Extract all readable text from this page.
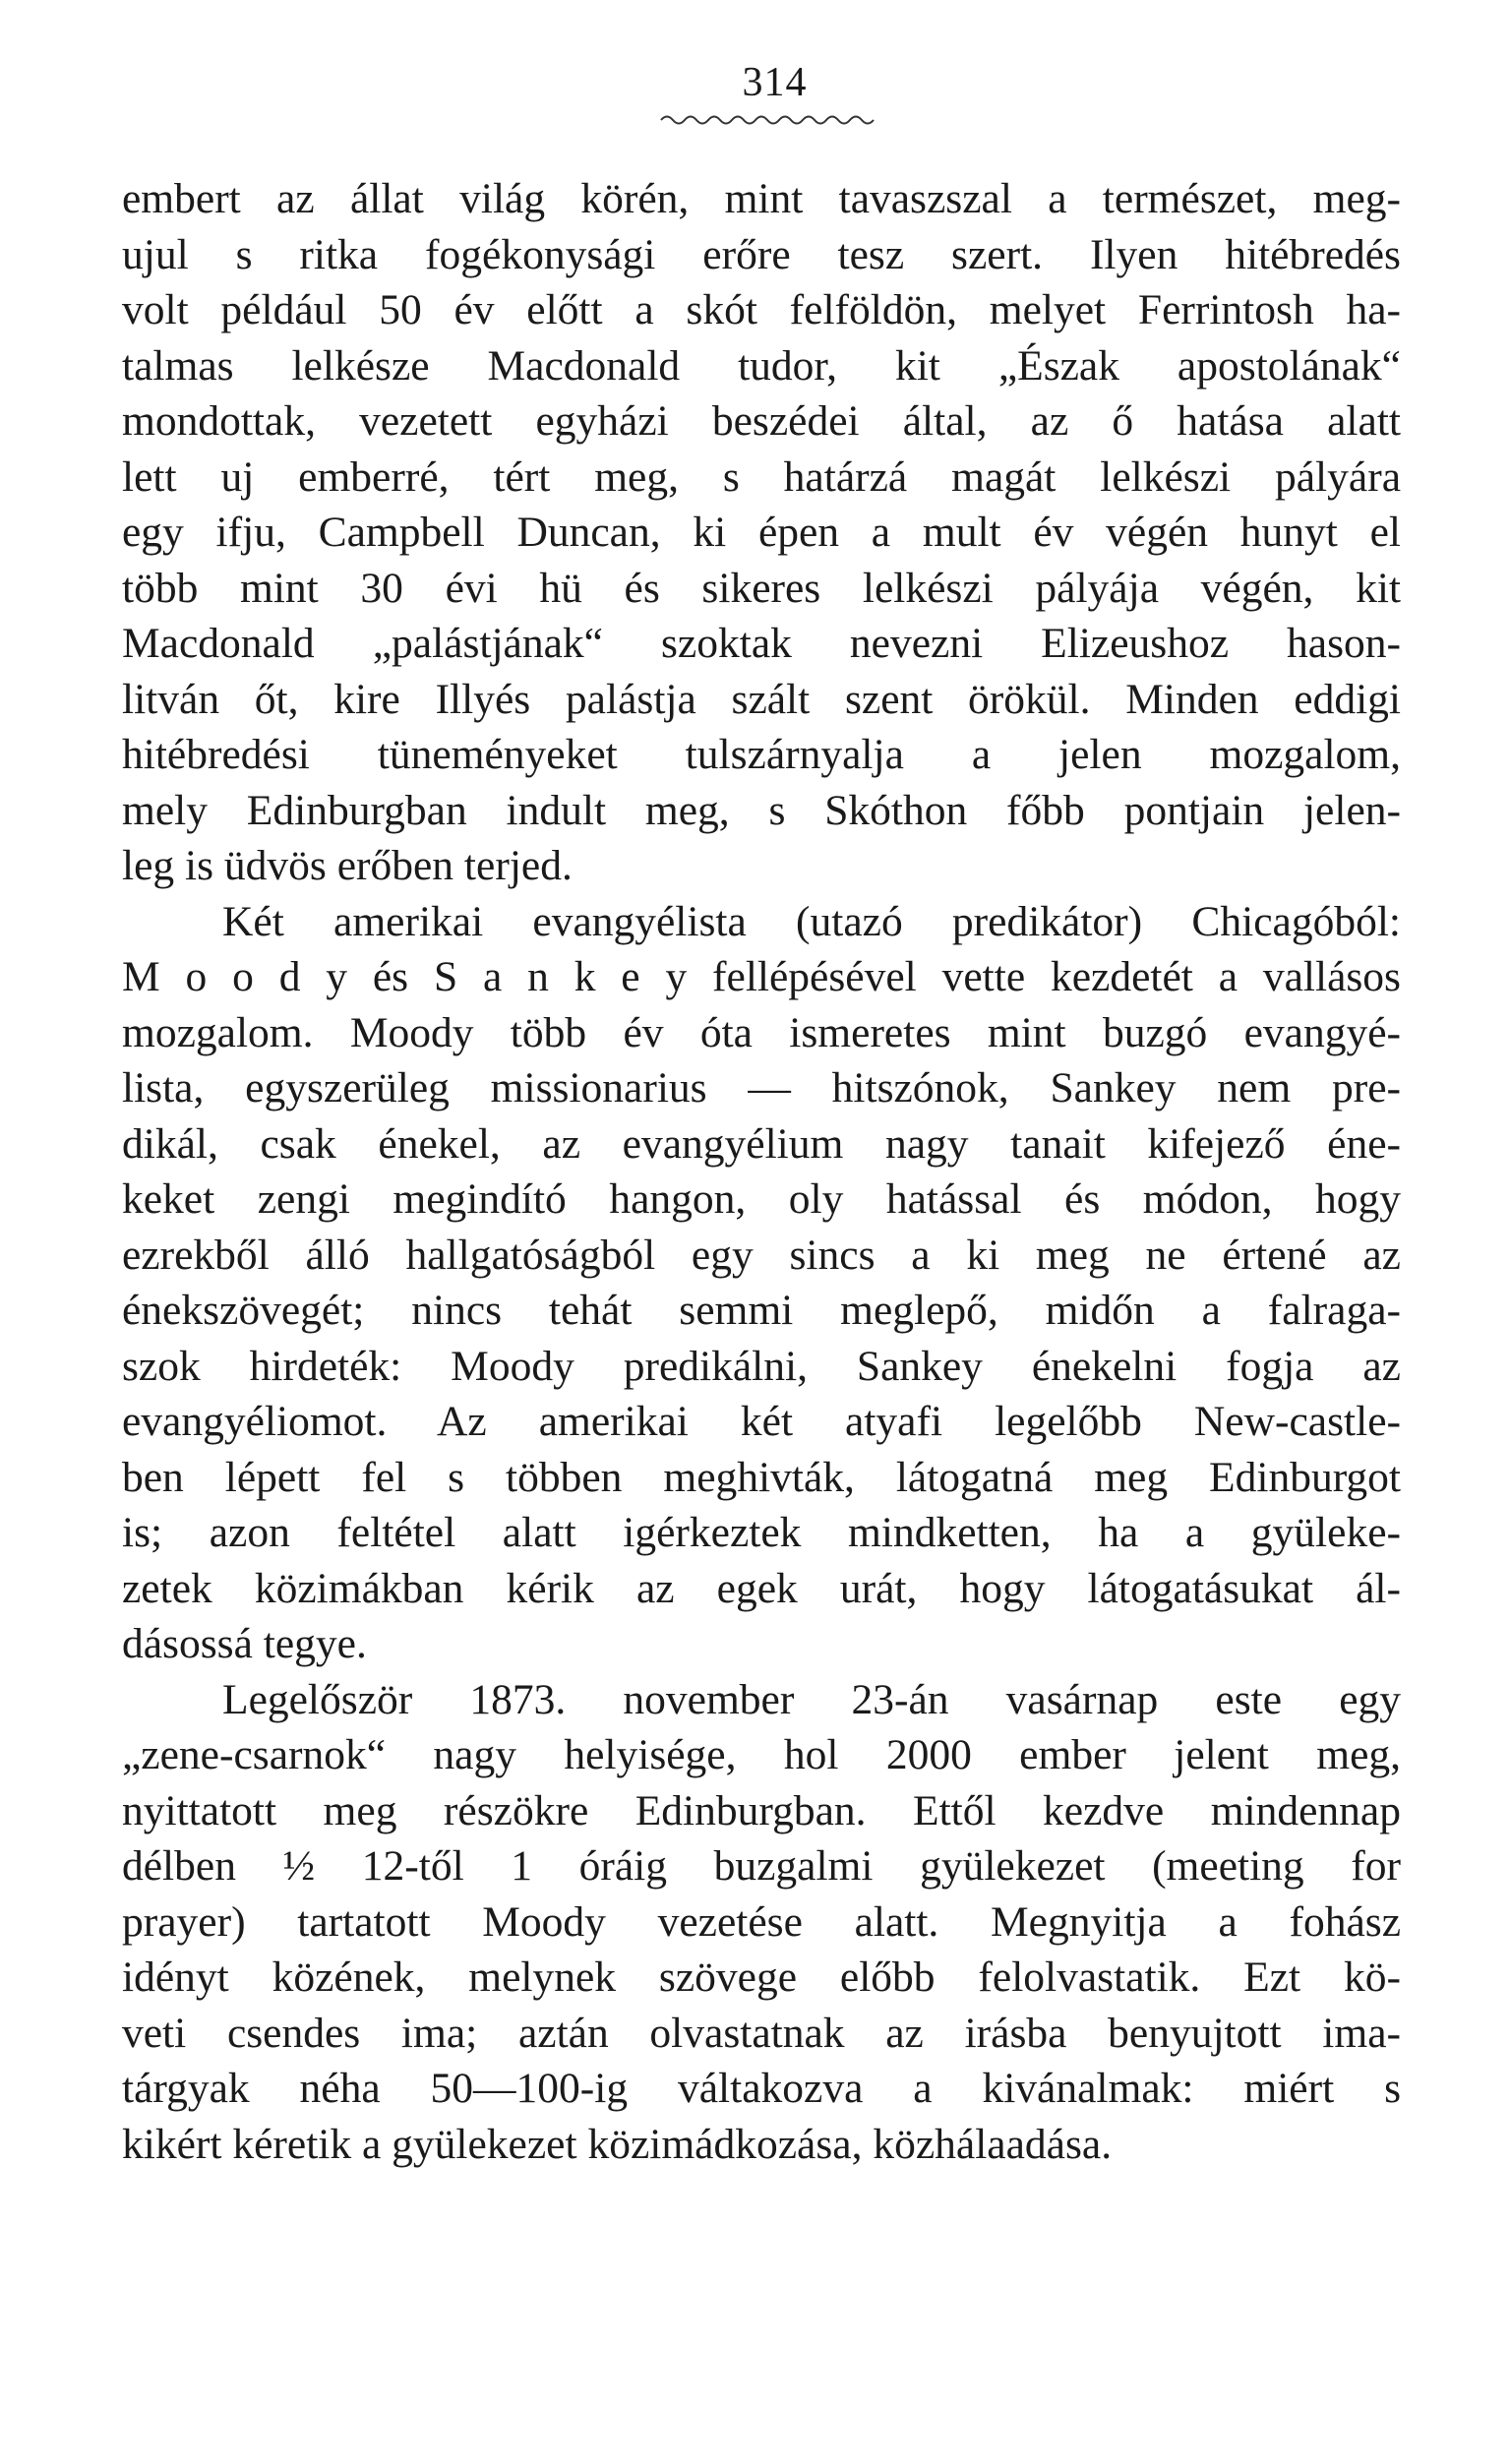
314
embert az állat világ körén, mint tavaszszal a természet, meg-
ujul s ritka fogékonysági erőre tesz szert. Ilyen hitébredés
volt például 50 év előtt a skót felföldön, melyet Ferrintosh ha-
talmas lelkésze Macdonald tudor, kit „Észak apostolának“
mondottak, vezetett egyházi beszédei által, az ő hatása alatt
lett uj emberré, tért meg, s határzá magát lelkészi pályára
egy ifju, Campbell Duncan, ki épen a mult év végén hunyt el
több mint 30 évi hü és sikeres lelkészi pályája végén, kit
Macdonald „palástjának“ szoktak nevezni Elizeushoz hason-
litván őt, kire Illyés palástja szált szent örökül. Minden eddigi
hitébredési tüneményeket tulszárnyalja a jelen mozgalom,
mely Edinburgban indult meg, s Skóthon főbb pontjain jelen-
leg is üdvös erőben terjed.
Két amerikai evangyélista (utazó predikátor) Chicagóból:
M o o d y és S a n k e y fellépésével vette kezdetét a vallásos
mozgalom. Moody több év óta ismeretes mint buzgó evangyé-
lista, egyszerüleg missionarius — hitszónok, Sankey nem pre-
dikál, csak énekel, az evangyélium nagy tanait kifejező éne-
keket zengi megindító hangon, oly hatással és módon, hogy
ezrekből álló hallgatóságból egy sincs a ki meg ne értené az
énekszövegét; nincs tehát semmi meglepő, midőn a falraga-
szok hirdeték: Moody predikálni, Sankey énekelni fogja az
evangyéliomot. Az amerikai két atyafi legelőbb New-castle-
ben lépett fel s többen meghivták, látogatná meg Edinburgot
is; azon feltétel alatt igérkeztek mindketten, ha a gyüleke-
zetek közimákban kérik az egek urát, hogy látogatásukat ál-
dásossá tegye.
Legelőször 1873. november 23-án vasárnap este egy
„zene-csarnok“ nagy helyisége, hol 2000 ember jelent meg,
nyittatott meg részökre Edinburgban. Ettől kezdve mindennap
délben ½ 12-től 1 óráig buzgalmi gyülekezet (meeting for
prayer) tartatott Moody vezetése alatt. Megnyitja a fohász
idényt közének, melynek szövege előbb felolvastatik. Ezt kö-
veti csendes ima; aztán olvastatnak az irásba benyujtott ima-
tárgyak néha 50—100-ig váltakozva a kivánalmak: miért s
kikért kéretik a gyülekezet közimádkozása, közhálaadása.
